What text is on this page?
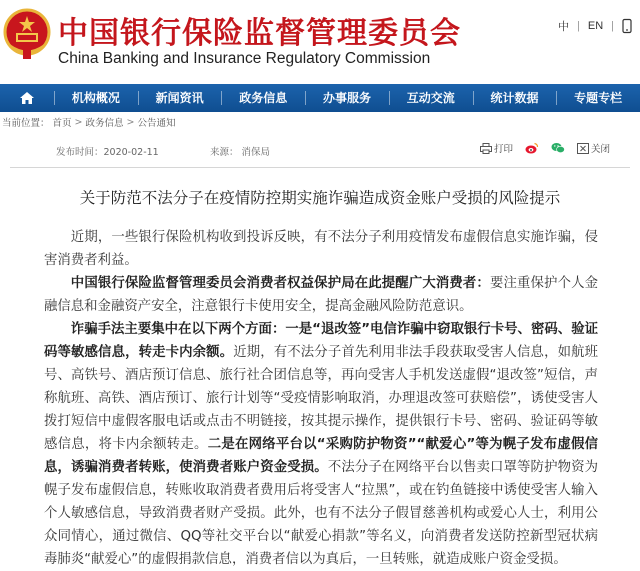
中国银行保险监督管理委员会
China Banking and Insurance Regulatory Commission
中 | EN |
机构概况	新闻资讯	政务信息	办事服务	互动交流	统计数据	专题专栏
当前位置： 首页 > 政务信息 > 公告通知
发布时间：2020-02-11	来源： 消保局	打印	关闭
关于防范不法分子在疫情防控期实施诈骗造成资金账户受损的风险提示

近期，一些银行保险机构收到投诉反映，有不法分子利用疫情发布虚假信息实施诈骗，侵害消费者利益。

中国银行保险监督管理委员会消费者权益保护局在此提醒广大消费者：要注重保护个人金融信息和金融资产安全，注意银行卡使用安全，提高金融风险防范意识。

诈骗手法主要集中在以下两个方面：一是“退改签”电信诈骗中窃取银行卡号、密码、验证码等敏感信息，转走卡内余额。近期，有不法分子首先利用非法手段获取受害人信息，如航班号、高铁号、酒店预订信息、旅行社合团信息等，再向受害人手机发送虚假“退改签”短信，声称航班、高铁、酒店预订、旅行计划等“受疫情影响取消，办理退改签可获赔偿”，诱使受害人拨打短信中虚假客服电话或点击不明链接，按其提示操作，提供银行卡号、密码、验证码等敏感信息，将卡内余额转走。二是在网络平台以“采购防护物资”“献爱心”等为幌子发布虚假信息，诱骗消费者转账，使消费者账户资金受损。不法分子在网络平台以售卖口罩等防护物资为幌子发布虚假信息，转账收取消费者费用后将受害人“拉黑”，或在钓鱼链接中诱使受害人输入个人敏感信息，导致消费者财产受损。此外，也有不法分子假冒慈善机构或爱心人士，利用公众同情心，通过微信、QQ等社交平台以“献爱心捐款”等名义，向消费者发送防控新型冠状病毒肺炎“献爱心”的虚假捐款信息，消费者信以为真后，一旦转账，就造成账户资金受损。
